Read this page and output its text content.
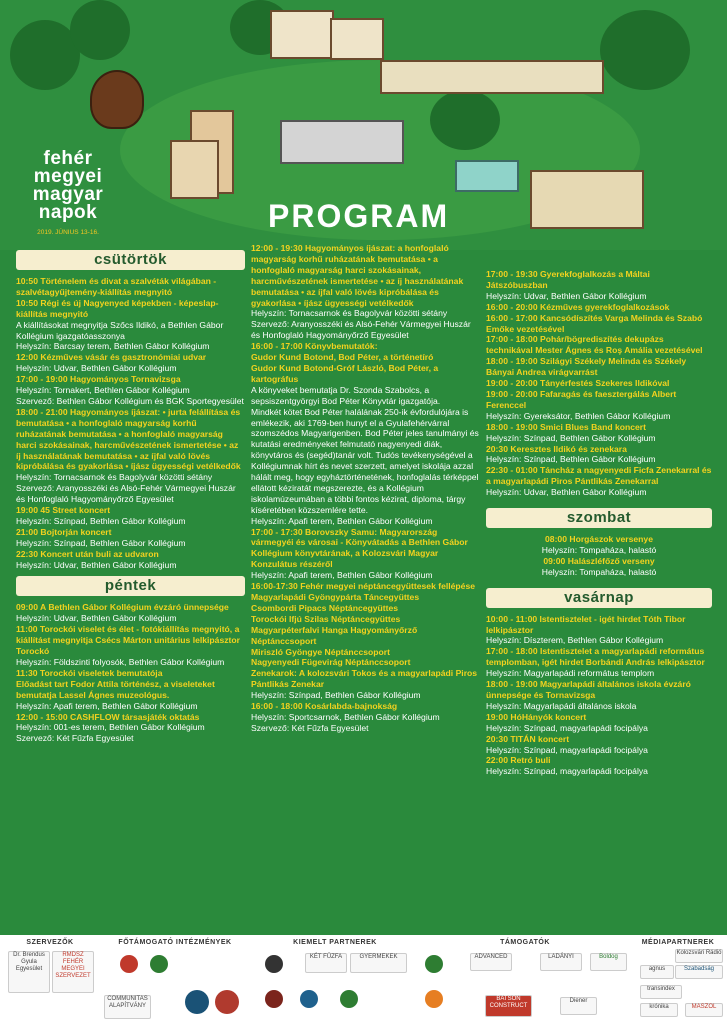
fehér
megyei
magyar
napok
2019. JÚNIUS 13-16.	PROGRAM
csütörtök

10:50 Történelem és divat a szalvéták világában - szalvétagyűjtemény-kiállítás megnyitó

10:50 Régi és új Nagyenyed képekben - képeslap-kiállítás megnyitó

A kiállításokat megnyitja Szőcs Ildikó, a Bethlen Gábor Kollégium igazgatóasszonya
Helyszín: Barcsay terem, Bethlen Gábor Kollégium

12:00 Kézműves vásár és gasztronómiai udvar

Helyszín: Udvar, Bethlen Gábor Kollégium

17:00 - 19:00 Hagyományos Tornavizsga

Helyszín: Tornakert, Bethlen Gábor Kollégium
Szervező: Bethlen Gábor Kollégium és BGK Sportegyesület

18:00 - 21:00 Hagyományos íjászat: • jurta felállítása és bemutatása • a honfoglaló magyarság korhű ruházatának bemutatása • a honfoglaló magyarság harci szokásainak, harcművészetének ismertetése • az íj használatának bemutatása • az íjfal való lövés kipróbálása és gyakorlása • íjász ügyességi vetélkedők

Helyszín: Tornacsarnok és Bagolyvár közötti sétány
Szervező: Aranyosszéki és Alsó-Fehér Vármegyei Huszár és Honfoglaló Hagyományőrző Egyesület

19:00 45 Street koncert

Helyszín: Színpad, Bethlen Gábor Kollégium

21:00 Bojtorján koncert

Helyszín: Színpad, Bethlen Gábor Kollégium

22:30 Koncert után buli az udvaron

Helyszín: Udvar, Bethlen Gábor Kollégium

péntek

09:00 A Bethlen Gábor Kollégium évzáró ünnepsége

Helyszín: Udvar, Bethlen Gábor Kollégium

11:00 Torockói viselet és élet - fotókiállítás megnyitó, a kiállítást megnyitja Csécs Márton unitárius lelkipásztor Torockó

Helyszín: Földszinti folyosók, Bethlen Gábor Kollégium

11:30 Torockói viseletek bemutatója
Előadást tart Fodor Attila történész, a viseleteket bemutatja Lassel Ágnes muzeológus.

Helyszín: Apafi terem, Bethlen Gábor Kollégium

12:00 - 15:00 CASHFLOW társasjáték oktatás

Helyszín: 001-es terem, Bethlen Gábor Kollégium
Szervező: Két Fűzfa Egyesület

12:00 - 19:30 Hagyományos íjászat: a honfoglaló magyarság korhű ruházatának bemutatása • a honfoglaló magyarság harci szokásainak, harcművészetének ismertetése • az íj használatának bemutatása • az íjfal való lövés kipróbálása és gyakorlása • íjász ügyességi vetélkedők

Helyszín: Tornacsarnok és Bagolyvár közötti sétány
Szervező: Aranyosszéki és Alsó-Fehér Vármegyei Huszár és Honfoglaló Hagyományőrző Egyesület

16:00 - 17:00 Könyvbemutatók:
Gudor Kund Botond, Bod Péter, a történetíró
Gudor Kund Botond-Gróf László, Bod Péter, a kartográfus

A könyveket bemutatja Dr. Szonda Szabolcs, a sepsiszentgyörgyi Bod Péter Könyvtár igazgatója.
Mindkét kötet Bod Péter halálának 250-ik évfordulójára is emlékezik, aki 1769-ben hunyt el a Gyulafehérvárral szomszédos Magyarigenben. Bod Péter jeles tanulmányi és kutatási eredményeket felmutató nagyenyedi diák, könyvtáros és (segéd)tanár volt. Tudós tevékenységével a Kollégiumnak hírt és nevet szerzett, amelyet iskolája azzal hálált meg, hogy egyháztörténetének, honfoglalás térképpel ellátott kéziratát megszerezte, és a Kollégium iskolamúzeumában a többi fontos kézirat, diploma, tárgy kíséretében közszemlére tette.
Helyszín: Apafi terem, Bethlen Gábor Kollégium

17:00 - 17:30 Borovszky Samu: Magyarország vármegyéi és városai - Könyvátadás a Bethlen Gábor Kollégium könyvtárának, a Kolozsvári Magyar Konzulátus részéről

Helyszín: Apafi terem, Bethlen Gábor Kollégium

16:00-17:30 Fehér megyei néptáncegyüttesek fellépése
Magyarlapádi Gyöngypárta Táncegyüttes
Csombordi Pipacs Néptáncegyüttes
Torockói Ifjú Szilas Néptáncegyüttes
Magyarpéterfalvi Hanga Hagyományőrző Néptánccsoport
Miriszló Gyöngye Néptánccsoport
Nagyenyedi Fügevirág Néptánccsoport
Zenekarok: A kolozsvári Tokos és a magyarlapádi Piros Pántlikás Zenekar

Helyszín: Színpad, Bethlen Gábor Kollégium

16:00 - 18:00 Kosárlabda-bajnokság

Helyszín: Sportcsarnok, Bethlen Gábor Kollégium
Szervező: Két Fűzfa Egyesület

17:00 - 19:30 Gyerekfoglalkozás a Máltai Játszóbuszban

Helyszín: Udvar, Bethlen Gábor Kollégium

16:00 - 20:00 Kézműves gyerekfoglalkozások

16:00 - 17:00 Kancsódíszítés Varga Melinda és Szabó Emőke vezetésével

17:00 - 18:00 Pohár/bögrediszítés dekupázs technikával Mester Ágnes és Roş Amália vezetésével

18:00 - 19:00 Szilágyi Székely Melinda és Székely Bányai Andrea virágvarrást

19:00 - 20:00 Tányérfestés Szekeres Ildikóval

19:00 - 20:00 Fafaragás és faesztergálás Albert Ferenccel

Helyszín: Gyereksátor, Bethlen Gábor Kollégium

18:00 - 19:00 Smici Blues Band koncert

Helyszín: Színpad, Bethlen Gábor Kollégium

20:30 Keresztes Ildikó és zenekara

Helyszín: Színpad, Bethlen Gábor Kollégium

22:30 - 01:00 Táncház a nagyenyedi Ficfa Zenekarral és a magyarlapádi Piros Pántlikás Zenekarral

Helyszín: Udvar, Bethlen Gábor Kollégium

szombat

08:00 Horgászok versenye

Helyszín: Tompaháza, halastó

09:00 Halászléfőző verseny

Helyszín: Tompaháza, halastó

vasárnap

10:00 - 11:00 Istentisztelet - igét hirdet Tóth Tibor lelkipásztor

Helyszín: Díszterem, Bethlen Gábor Kollégium

17:00 - 18:00 Istentisztelet a magyarlapádi református templomban, igét hirdet Borbándi András lelkipásztor

Helyszín: Magyarlapádi református templom

18:00 - 19:00 Magyarlapádi általános iskola évzáró ünnepsége és Tornavizsga

Helyszín: Magyarlapádi általános iskola

19:00 HóHányók koncert

Helyszín: Színpad, magyarlapádi focipálya

20:30 TITÁN koncert

Helyszín: Színpad, magyarlapádi focipálya

22:00 Retró buli

Helyszín: Színpad, magyarlapádi focipálya

SZERVEZŐK	FŐTÁMOGATÓ INTÉZMÉNYEK	KIEMELT PARTNEREK	TÁMOGATÓK	MÉDIAPARTNEREK
Dr. Brendus Gyula Egyesület
RMDSZ FEHÉR MEGYEI SZERVEZET
COMMUNITAS ALAPÍTVÁNY
KÉT FŰZFA	GYERMEKEK	ADVANCED	LADÁNYI	Boldog
BATSON CONSTRUCT
Diener
Kolozsvári Rádió
agnus	Szabadság
transindex
krónika	MASZOL
